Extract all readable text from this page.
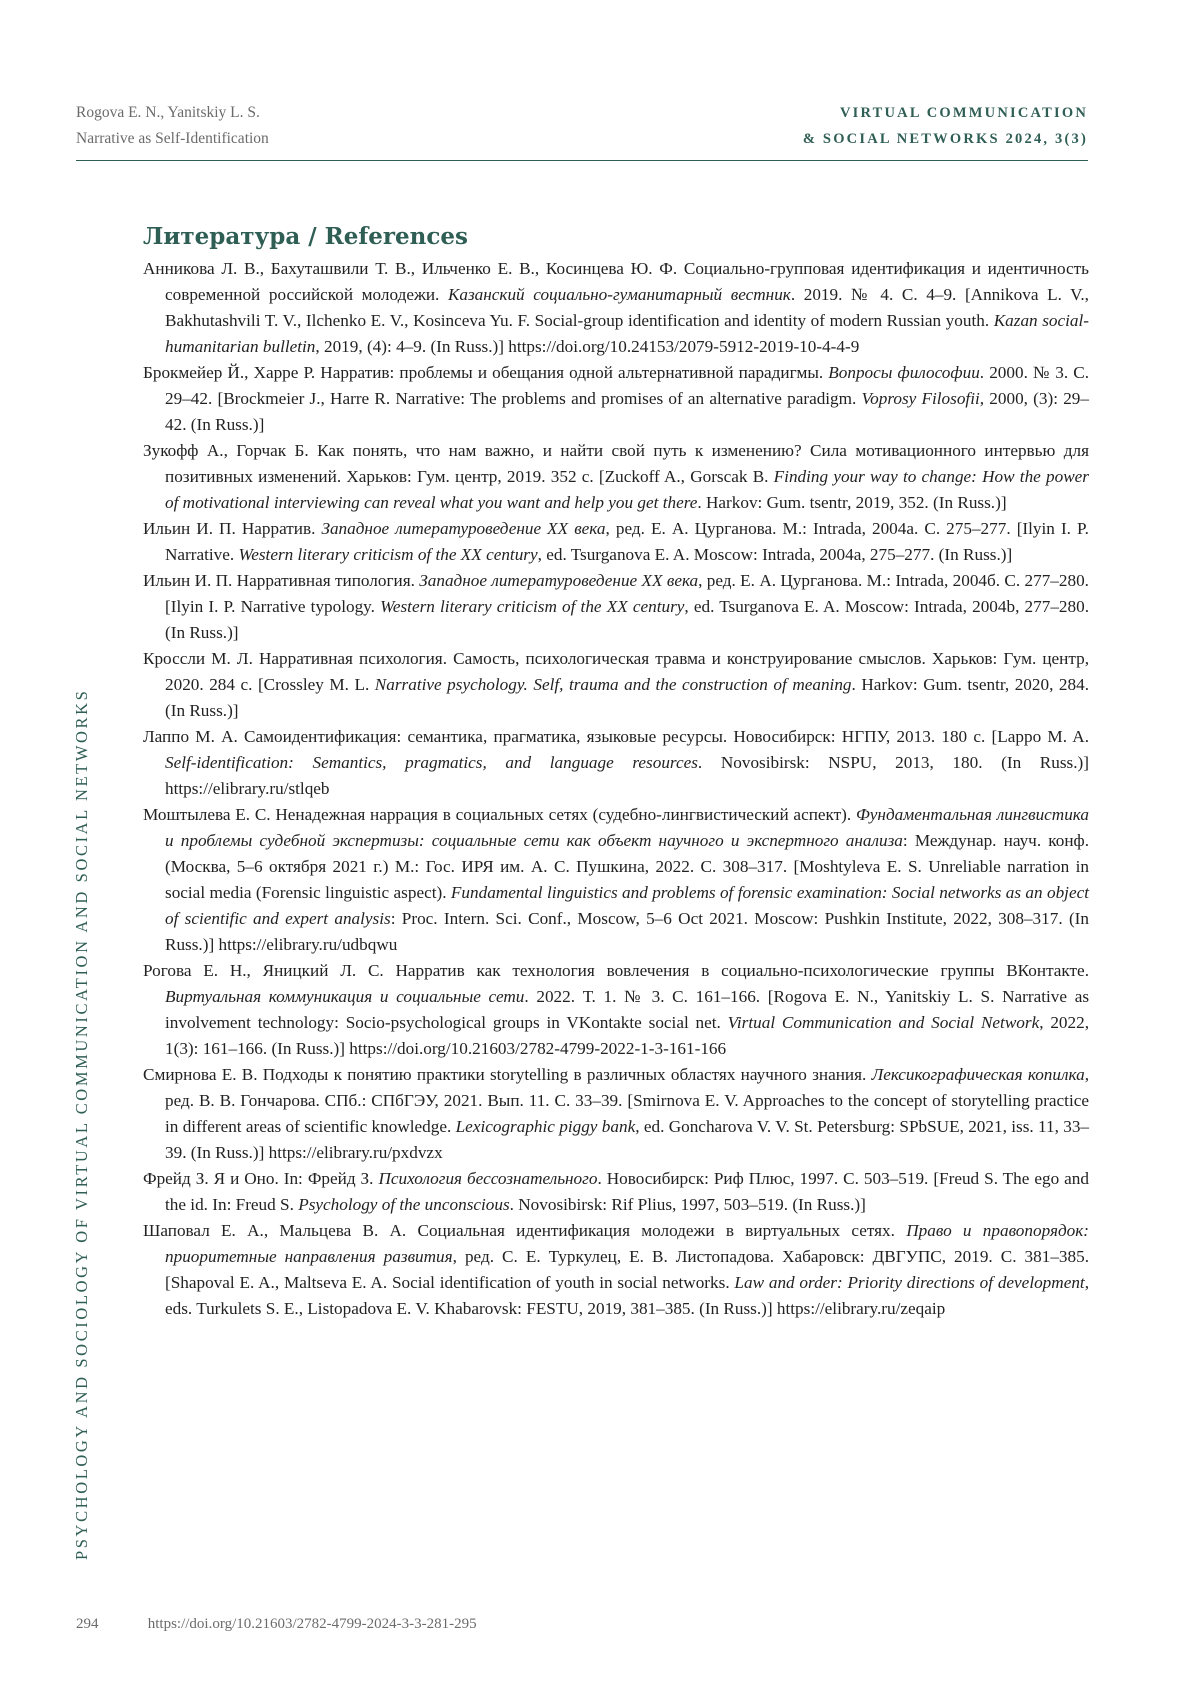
Rogova E. N., Yanitskiy L. S.
Narrative as Self-Identification
VIRTUAL COMMUNICATION
& SOCIAL NETWORKS 2024, 3(3)
PSYCHOLOGY AND SOCIOLOGY OF VIRTUAL COMMUNICATION AND SOCIAL NETWORKS
Литература / References
Анникова Л. В., Бахуташвили Т. В., Ильченко Е. В., Косинцева Ю. Ф. Социально-групповая идентификация и идентичность современной российской молодежи. Казанский социально-гуманитарный вестник. 2019. № 4. С. 4–9. [Annikova L. V., Bakhutashvili T. V., Ilchenko E. V., Kosinceva Yu. F. Social-group identification and identity of modern Russian youth. Kazan social-humanitarian bulletin, 2019, (4): 4–9. (In Russ.)] https://doi.org/10.24153/2079-5912-2019-10-4-4-9
Брокмейер Й., Харре Р. Нарратив: проблемы и обещания одной альтернативной парадигмы. Вопросы философии. 2000. № 3. С. 29–42. [Brockmeier J., Harre R. Narrative: The problems and promises of an alternative paradigm. Voprosy Filosofii, 2000, (3): 29–42. (In Russ.)]
Зукофф А., Горчак Б. Как понять, что нам важно, и найти свой путь к изменению? Сила мотивационного интервью для позитивных изменений. Харьков: Гум. центр, 2019. 352 с. [Zuckoff A., Gorscak B. Finding your way to change: How the power of motivational interviewing can reveal what you want and help you get there. Harkov: Gum. tsentr, 2019, 352. (In Russ.)]
Ильин И. П. Нарратив. Западное литературоведение XX века, ред. Е. А. Цурганова. М.: Intrada, 2004a. С. 275–277. [Ilyin I. P. Narrative. Western literary criticism of the XX century, ed. Tsurganova E. A. Moscow: Intrada, 2004a, 275–277. (In Russ.)]
Ильин И. П. Нарративная типология. Западное литературоведение XX века, ред. Е. А. Цурганова. М.: Intrada, 2004б. С. 277–280. [Ilyin I. P. Narrative typology. Western literary criticism of the XX century, ed. Tsurganova E. A. Moscow: Intrada, 2004b, 277–280. (In Russ.)]
Кроссли М. Л. Нарративная психология. Самость, психологическая травма и конструирование смыслов. Харьков: Гум. центр, 2020. 284 с. [Crossley M. L. Narrative psychology. Self, trauma and the construction of meaning. Harkov: Gum. tsentr, 2020, 284. (In Russ.)]
Лаппо М. А. Самоидентификация: семантика, прагматика, языковые ресурсы. Новосибирск: НГПУ, 2013. 180 с. [Lappo M. A. Self-identification: Semantics, pragmatics, and language resources. Novosibirsk: NSPU, 2013, 180. (In Russ.)] https://elibrary.ru/stlqeb
Моштылева Е. С. Ненадежная наррация в социальных сетях (судебно-лингвистический аспект). Фундаментальная лингвистика и проблемы судебной экспертизы: социальные сети как объект научного и экспертного анализа: Междунар. науч. конф. (Москва, 5–6 октября 2021 г.) М.: Гос. ИРЯ им. А. С. Пушкина, 2022. С. 308–317. [Moshtyleva E. S. Unreliable narration in social media (Forensic linguistic aspect). Fundamental linguistics and problems of forensic examination: Social networks as an object of scientific and expert analysis: Proc. Intern. Sci. Conf., Moscow, 5–6 Oct 2021. Moscow: Pushkin Institute, 2022, 308–317. (In Russ.)] https://elibrary.ru/udbqwu
Рогова Е. Н., Яницкий Л. С. Нарратив как технология вовлечения в социально-психологические группы ВКонтакте. Виртуальная коммуникация и социальные сети. 2022. Т. 1. № 3. С. 161–166. [Rogova E. N., Yanitskiy L. S. Narrative as involvement technology: Socio-psychological groups in VKontakte social net. Virtual Communication and Social Network, 2022, 1(3): 161–166. (In Russ.)] https://doi.org/10.21603/2782-4799-2022-1-3-161-166
Смирнова Е. В. Подходы к понятию практики storytelling в различных областях научного знания. Лексикографическая копилка, ред. В. В. Гончарова. СПб.: СПбГЭУ, 2021. Вып. 11. С. 33–39. [Smirnova E. V. Approaches to the concept of storytelling practice in different areas of scientific knowledge. Lexicographic piggy bank, ed. Goncharova V. V. St. Petersburg: SPbSUE, 2021, iss. 11, 33–39. (In Russ.)] https://elibrary.ru/pxdvzx
Фрейд З. Я и Оно. In: Фрейд З. Психология бессознательного. Новосибирск: Риф Плюс, 1997. С. 503–519. [Freud S. The ego and the id. In: Freud S. Psychology of the unconscious. Novosibirsk: Rif Plius, 1997, 503–519. (In Russ.)]
Шаповал Е. А., Мальцева В. А. Социальная идентификация молодежи в виртуальных сетях. Право и правопорядок: приоритетные направления развития, ред. С. Е. Туркулец, Е. В. Листопадова. Хабаровск: ДВГУПС, 2019. С. 381–385. [Shapoval E. A., Maltseva E. A. Social identification of youth in social networks. Law and order: Priority directions of development, eds. Turkulets S. E., Listopadova E. V. Khabarovsk: FESTU, 2019, 381–385. (In Russ.)] https://elibrary.ru/zeqaip
294	https://doi.org/10.21603/2782-4799-2024-3-3-281-295
